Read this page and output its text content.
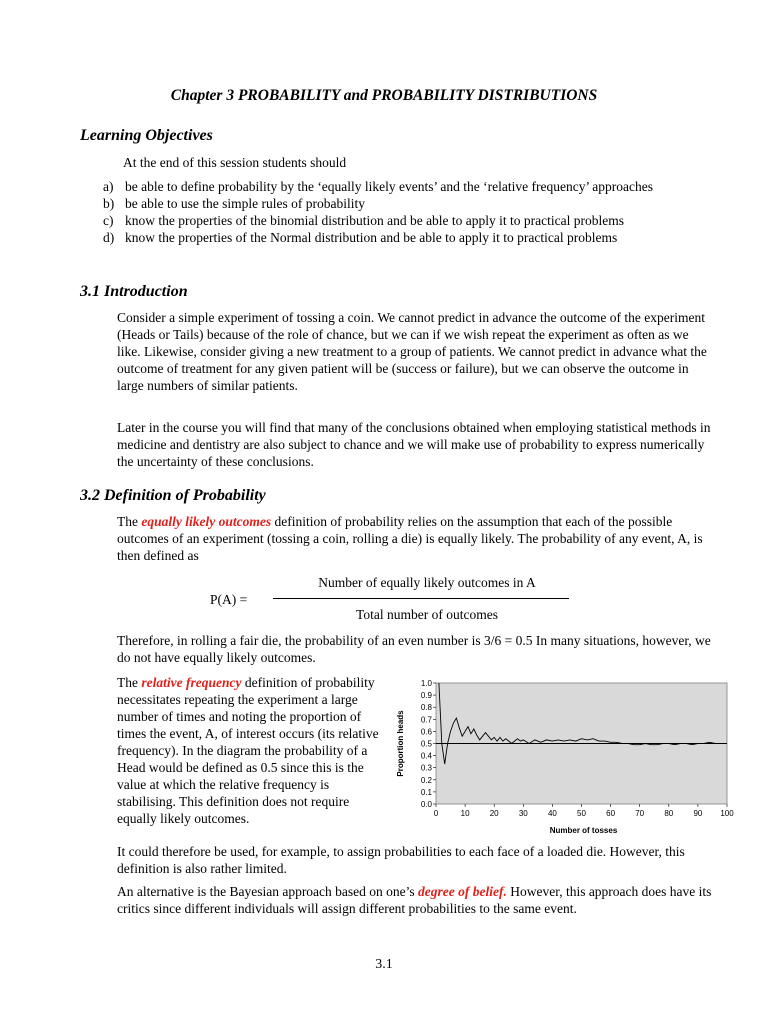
Chapter 3 PROBABILITY and PROBABILITY DISTRIBUTIONS
Learning Objectives
At the end of this session students should
a) be able to define probability by the ‘equally likely events’ and the ‘relative frequency’ approaches
b) be able to use the simple rules of probability
c) know the properties of the binomial distribution and be able to apply it to practical problems
d) know the properties of the Normal distribution and be able to apply it to practical problems
3.1 Introduction
Consider a simple experiment of tossing a coin. We cannot predict in advance the outcome of the experiment (Heads or Tails) because of the role of chance, but we can if we wish repeat the experiment as often as we like. Likewise, consider giving a new treatment to a group of patients. We cannot predict in advance what the outcome of treatment for any given patient will be (success or failure), but we can observe the outcome in large numbers of similar patients.
Later in the course you will find that many of the conclusions obtained when employing statistical methods in medicine and dentistry are also subject to chance and we will make use of probability to express numerically the uncertainty of these conclusions.
3.2 Definition of Probability
The equally likely outcomes definition of probability relies on the assumption that each of the possible outcomes of an experiment (tossing a coin, rolling a die) is equally likely. The probability of any event, A, is then defined as
Number of equally likely outcomes in A
P(A) =
Total number of outcomes
Therefore, in rolling a fair die, the probability of an even number is 3/6 = 0.5 In many situations, however, we do not have equally likely outcomes.
The relative frequency definition of probability necessitates repeating the experiment a large number of times and noting the proportion of times the event, A, of interest occurs (its relative frequency). In the diagram the probability of a Head would be defined as 0.5 since this is the value at which the relative frequency is stabilising. This definition does not require equally likely outcomes.
It could therefore be used, for example, to assign probabilities to each face of a loaded die. However, this definition is also rather limited.
An alternative is the Bayesian approach based on one’s degree of belief. However, this approach does have its critics since different individuals will assign different probabilities to the same event.
0.0
0.1
0.2
0.3
0.4
0.5
0.6
0.7
0.8
0.9
1.0
0	10	20	30	40	50	60	70	80	90 100
Number of tosses
Proportion heads
3.1
